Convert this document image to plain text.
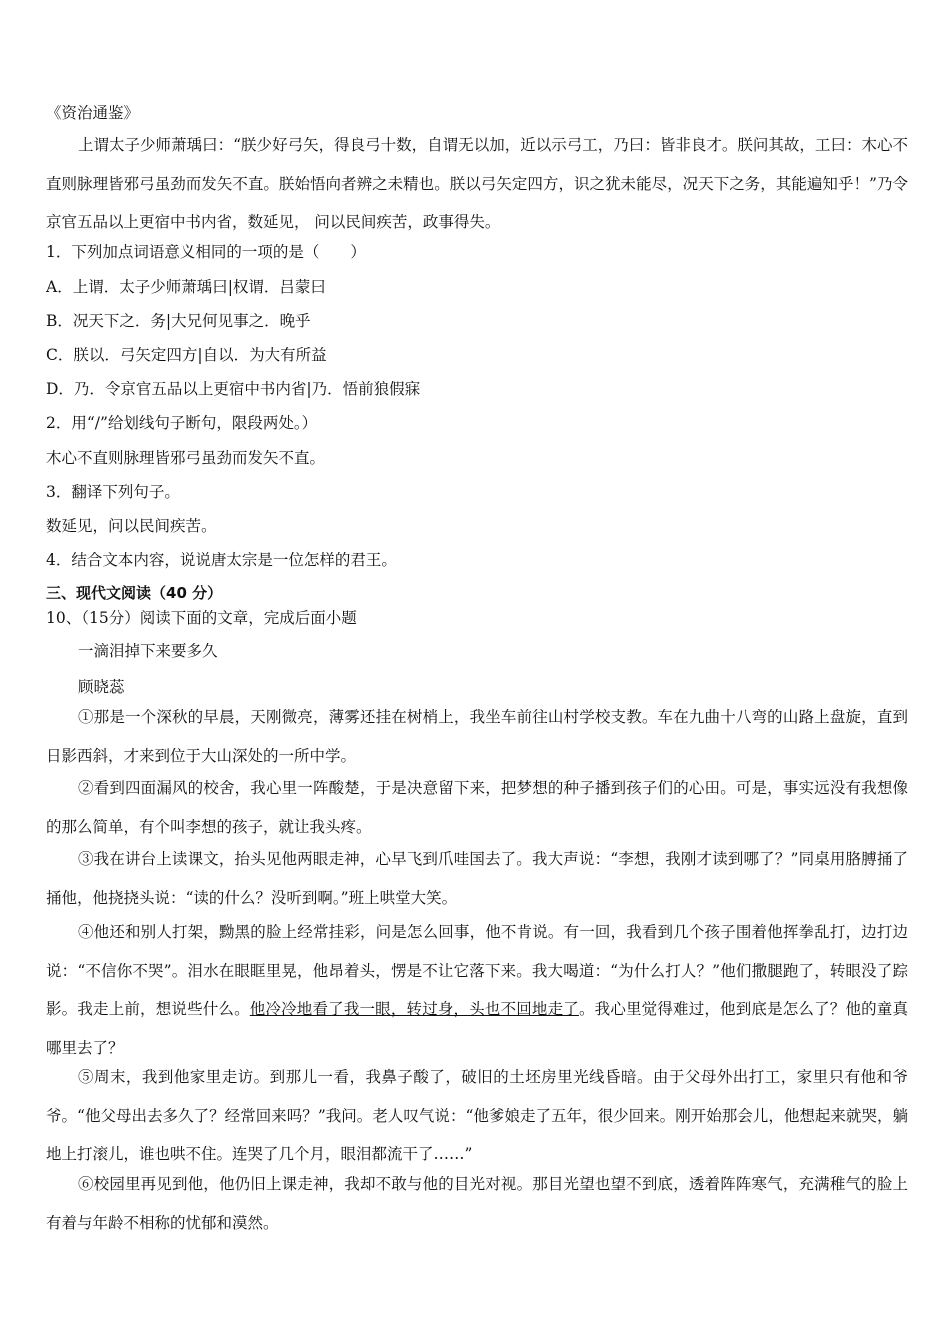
《资治通鉴》

上谓太子少师萧瑀曰：“朕少好弓矢，得良弓十数，自谓无以加，近以示弓工，乃曰：皆非良才。朕问其故，工曰：木心不直则脉理皆邪弓虽劲而发矢不直。朕始悟向者辨之未精也。朕以弓矢定四方，识之犹未能尽，况天下之务，其能遍知乎！”乃令京官五品以上更宿中书内省，数延见， 问以民间疾苦，政事得失。

1．下列加点词语意义相同的一项的是（　　）
A．上谓．太子少师萧瑀曰|权谓．吕蒙曰
B．况天下之．务|大兄何见事之．晚乎
C．朕以．弓矢定四方|自以．为大有所益
D．乃．令京官五品以上更宿中书内省|乃．悟前狼假寐
2．用“/”给划线句子断句，限段两处。）
木心不直则脉理皆邪弓虽劲而发矢不直。
3．翻译下列句子。
数延见，问以民间疾苦。
4．结合文本内容，说说唐太宗是一位怎样的君王。
三、现代文阅读（40 分）
10、（15分）阅读下面的文章，完成后面小题
一滴泪掉下来要多久
顾晓蕊

①那是一个深秋的早晨，天刚微亮，薄雾还挂在树梢上，我坐车前往山村学校支教。车在九曲十八弯的山路上盘旋，直到日影西斜，才来到位于大山深处的一所中学。

②看到四面漏风的校舍，我心里一阵酸楚，于是决意留下来，把梦想的种子播到孩子们的心田。可是，事实远没有我想像的那么简单，有个叫李想的孩子，就让我头疼。

③我在讲台上读课文，抬头见他两眼走神，心早飞到爪哇国去了。我大声说：“李想，我刚才读到哪了？”同桌用胳膊捅了捅他，他挠挠头说：“读的什么？没听到啊。”班上哄堂大笑。

④他还和别人打架，黝黑的脸上经常挂彩，问是怎么回事，他不肯说。有一回，我看到几个孩子围着他挥拳乱打，边打边说：“不信你不哭”。泪水在眼眶里晃，他昂着头，愣是不让它落下来。我大喝道：“为什么打人？”他们撒腿跑了，转眼没了踪影。我走上前，想说些什么。他冷冷地看了我一眼，转过身，头也不回地走了。我心里觉得难过，他到底是怎么了？他的童真哪里去了？

⑤周末，我到他家里走访。到那儿一看，我鼻子酸了，破旧的土坯房里光线昏暗。由于父母外出打工，家里只有他和爷爷。“他父母出去多久了？经常回来吗？”我问。老人叹气说：“他爹娘走了五年，很少回来。刚开始那会儿，他想起来就哭，躺地上打滚儿，谁也哄不住。连哭了几个月，眼泪都流干了……”

⑥校园里再见到他，他仍旧上课走神，我却不敢与他的目光对视。那目光望也望不到底，透着阵阵寒气，充满稚气的脸上有着与年龄不相称的忧郁和漠然。
